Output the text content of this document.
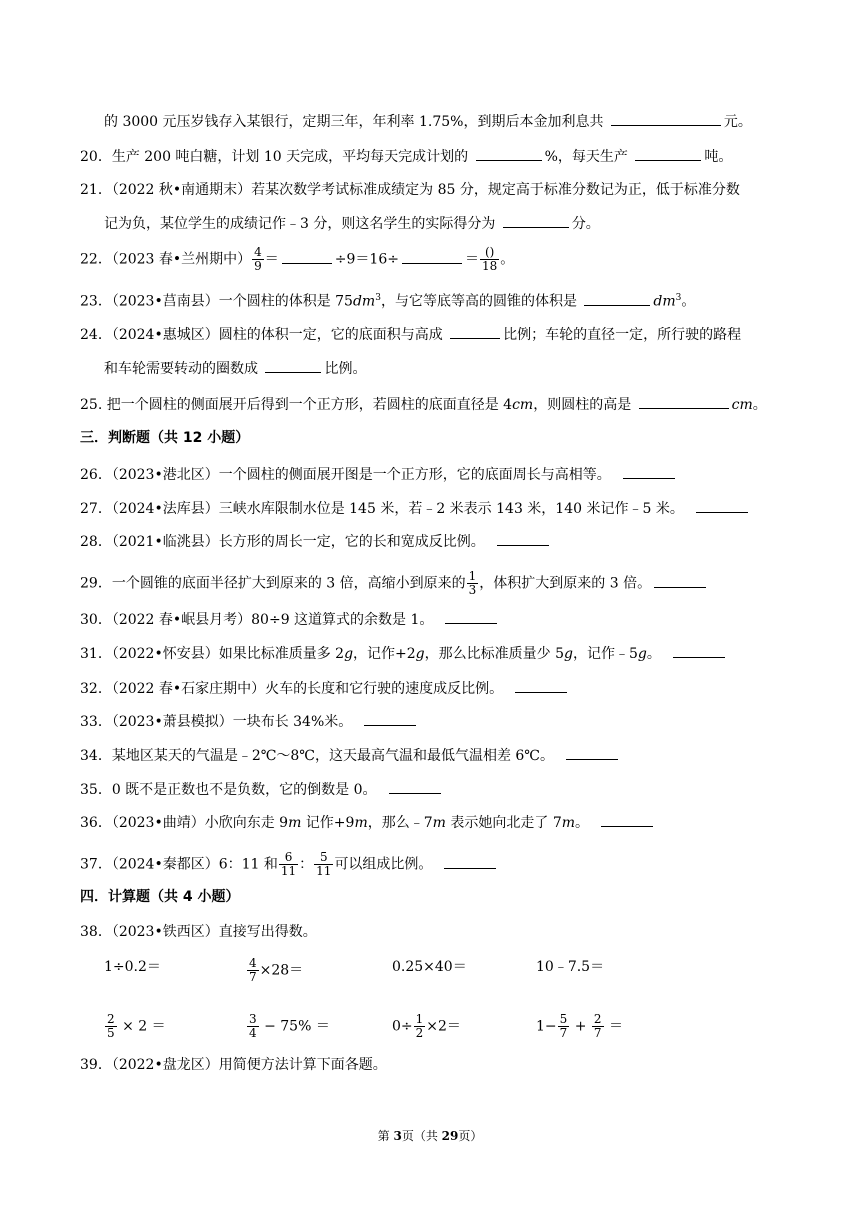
的 3000 元压岁钱存入某银行，定期三年，年利率 1.75%，到期后本金加利息共	元。
20．生产 200 吨白糖，计划 10 天完成，平均每天完成计划的	%，每天生产	吨。
21．（2022 秋•南通期末）若某次数学考试标准成绩定为 85 分，规定高于标准分数记为正，低于标准分数
记为负，某位学生的成绩记作﹣3 分，则这名学生的实际得分为	分。
22．（2023 春•兰州期中） $\frac{4}{9}$ ＝	÷9＝16÷	＝ $\frac{()}{18}$ 。
23．（2023•莒南县）一个圆柱的体积是 $75dm^3$，与它等底等高的圆锥的体积是	$dm^3$。
24．（2024•惠城区）圆柱的体积一定，它的底面积与高成	比例；车轮的直径一定，所行驶的路程
和车轮需要转动的圈数成	比例。
25. 把一个圆柱的侧面展开后得到一个正方形，若圆柱的底面直径是 4cm，则圆柱的高是	cm。
三．判断题（共 12 小题）
26．（2023•港北区）一个圆柱的侧面展开图是一个正方形，它的底面周长与高相等。
27．（2024•法库县）三峡水库限制水位是 145 米，若﹣2 米表示 143 米，140 米记作﹣5 米。
28．（2021•临洮县）长方形的周长一定，它的长和宽成反比例。
29．一个圆锥的底面半径扩大到原来的 3 倍，高缩小到原来的 $\frac{1}{3}$ ，体积扩大到原来的 3 倍。
30．（2022 春•岷县月考）80÷9 这道算式的余数是 1。
31．（2022•怀安县）如果比标准质量多 2g，记作+2g，那么比标准质量少 5g，记作﹣5g。
32．（2022 春•石家庄期中）火车的长度和它行驶的速度成反比例。
33．（2023•萧县模拟）一块布长 34%米。
34．某地区某天的气温是﹣2℃～8℃，这天最高气温和最低气温相差 6℃。
35．0 既不是正数也不是负数，它的倒数是 0。
36．（2023•曲靖）小欣向东走 9m 记作+9m，那么﹣7m 表示她向北走了 7m。
37．（2024•秦都区）6：11 和 $\frac{6}{11}$ ： $\frac{5}{11}$ 可以组成比例。
四．计算题（共 4 小题）
38．（2023•铁西区）直接写出得数。
1÷0.2＝	$\frac{4}{7} \times 28=$	0.25×40＝	10﹣7.5＝
$\frac{2}{5} \times 2$ ＝	$\frac{3}{4} - 75\%$ ＝	$0\div \frac{1}{2} \times 2=$	$1- \frac{5}{7} + \frac{2}{7}$ ＝
39．（2022•盘龙区）用简便方法计算下面各题。
第 3页（共 29页）
